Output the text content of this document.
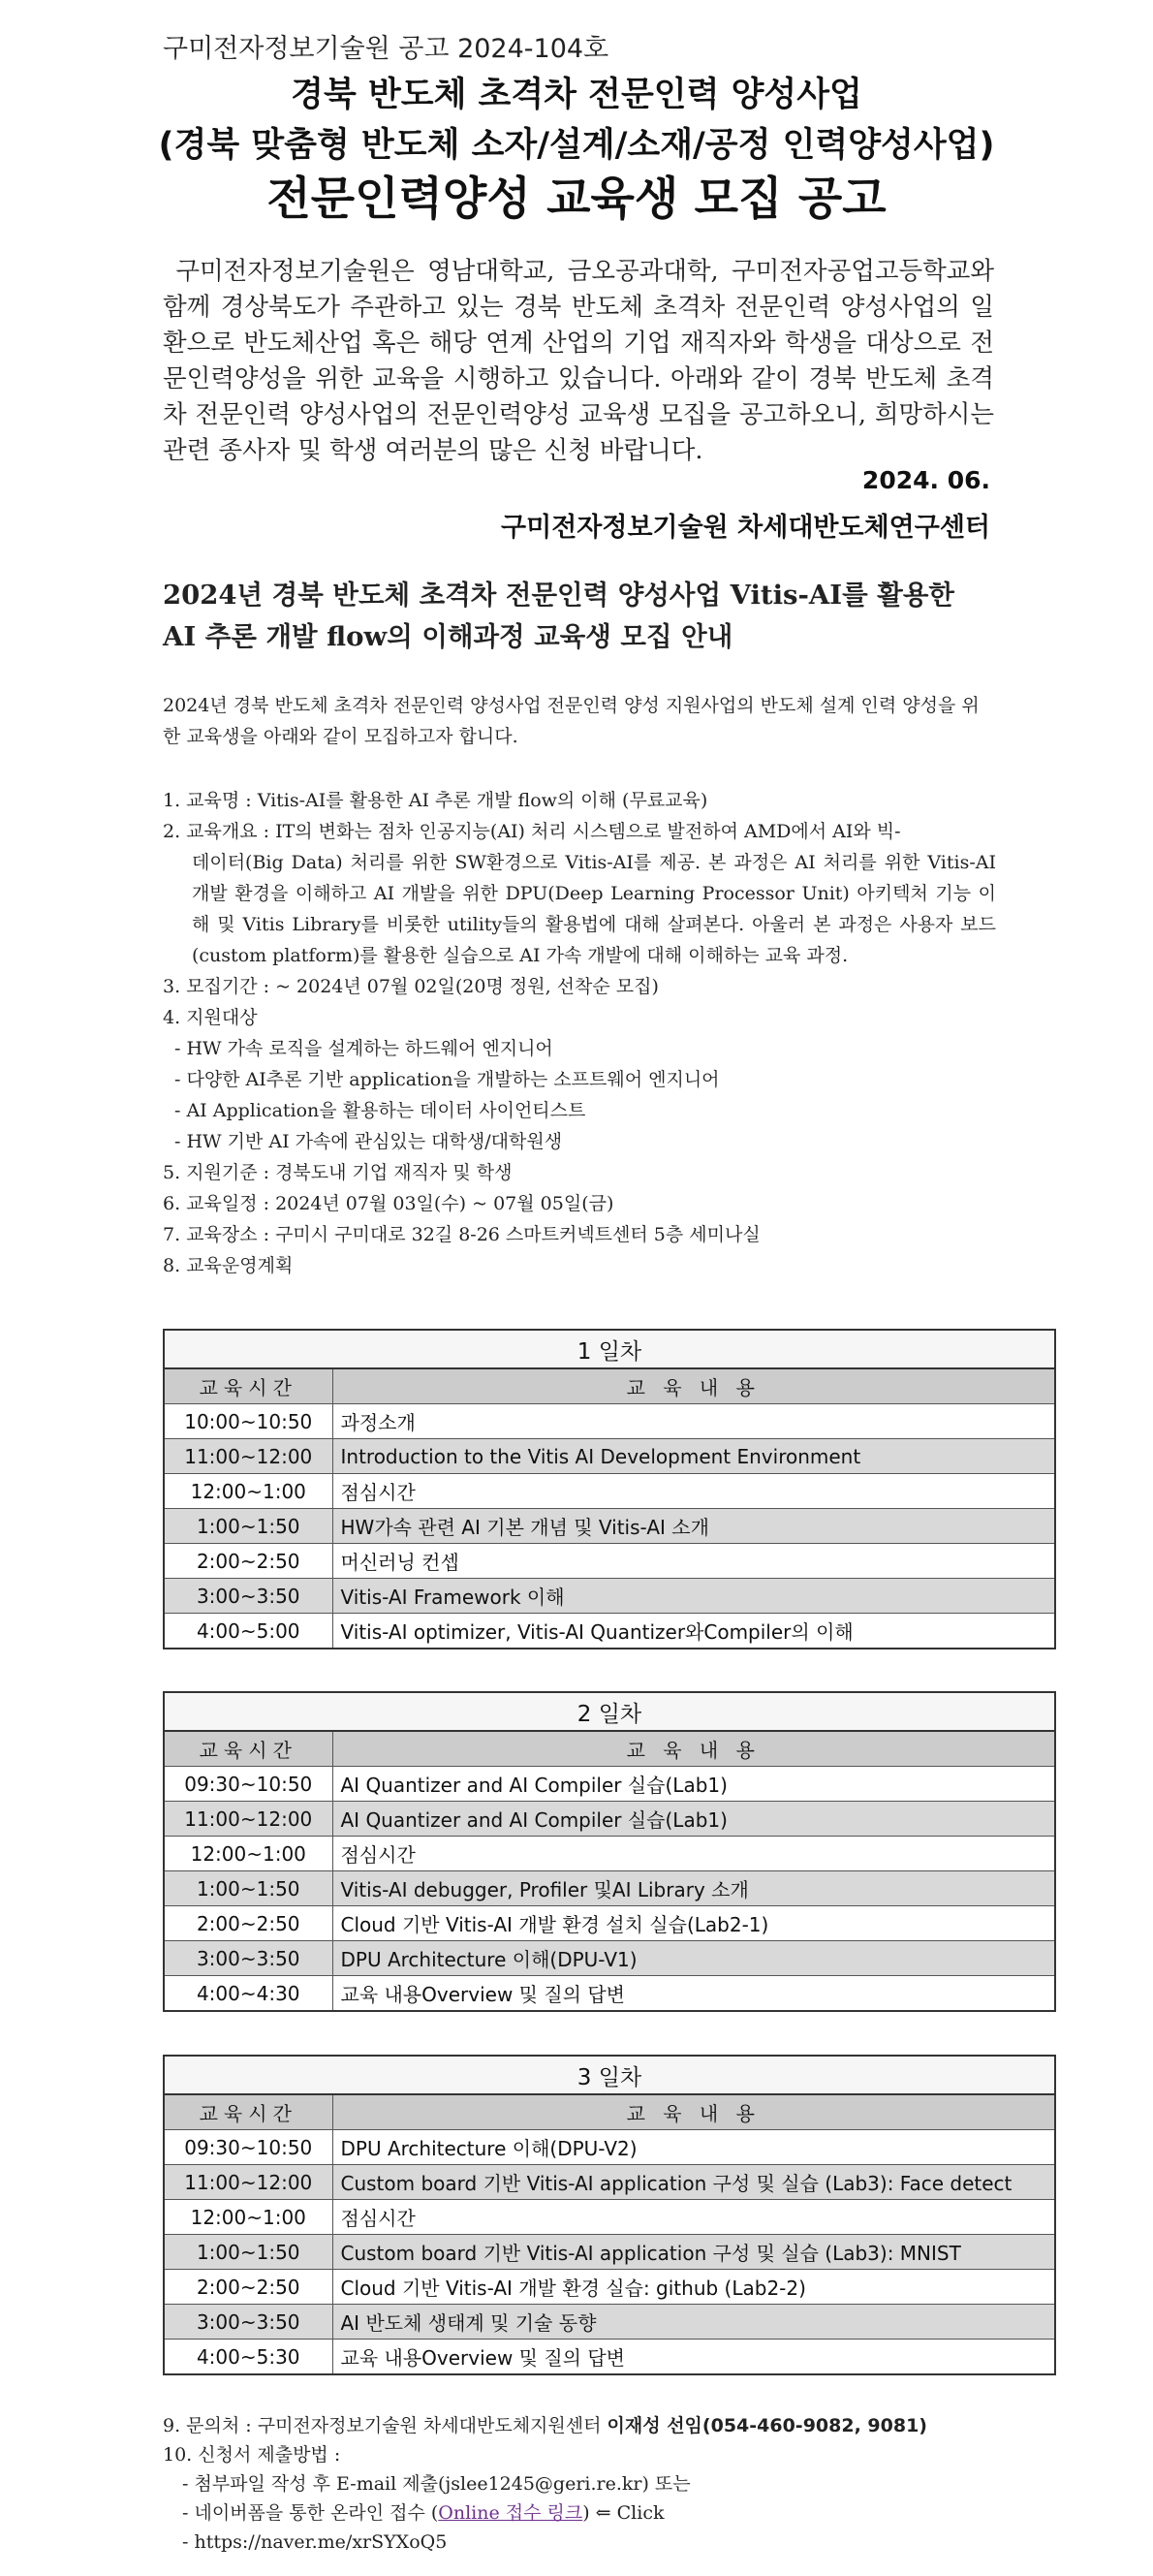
구미전자정보기술원 공고 2024-104호
경북 반도체 초격차 전문인력 양성사업
(경북 맞춤형 반도체 소자/설계/소재/공정 인력양성사업)
전문인력양성 교육생 모집 공고
구미전자정보기술원은 영남대학교, 금오공과대학, 구미전자공업고등학교와 함께 경상북도가 주관하고 있는 경북 반도체 초격차 전문인력 양성사업의 일환으로 반도체산업 혹은 해당 연계 산업의 기업 재직자와 학생을 대상으로 전문인력양성을 위한 교육을 시행하고 있습니다. 아래와 같이 경북 반도체 초격차 전문인력 양성사업의 전문인력양성 교육생 모집을 공고하오니, 희망하시는 관련 종사자 및 학생 여러분의 많은 신청 바랍니다.
2024. 06.
구미전자정보기술원 차세대반도체연구센터
2024년 경북 반도체 초격차 전문인력 양성사업 Vitis-AI를 활용한 AI 추론 개발 flow의 이해과정 교육생 모집 안내
2024년 경북 반도체 초격차 전문인력 양성사업 전문인력 양성 지원사업의 반도체 설계 인력 양성을 위한 교육생을 아래와 같이 모집하고자 합니다.
1. 교육명 : Vitis-AI를 활용한 AI 추론 개발 flow의 이해 (무료교육)
2. 교육개요 : IT의 변화는 점차 인공지능(AI) 처리 시스템으로 발전하여 AMD에서 AI와 빅-
데이터(Big Data) 처리를 위한 SW환경으로 Vitis-AI를 제공. 본 과정은 AI 처리를 위한 Vitis-AI 개발 환경을 이해하고 AI 개발을 위한 DPU(Deep Learning Processor Unit) 아키텍처 기능 이해 및 Vitis Library를 비롯한 utility들의 활용법에 대해 살펴본다. 아울러 본 과정은 사용자 보드(custom platform)를 활용한 실습으로 AI 가속 개발에 대해 이해하는 교육 과정.
3. 모집기간 : ~ 2024년 07월 02일(20명 정원, 선착순 모집)
4. 지원대상
- HW 가속 로직을 설계하는 하드웨어 엔지니어
- 다양한 AI추론 기반 application을 개발하는 소프트웨어 엔지니어
- AI Application을 활용하는 데이터 사이언티스트
- HW 기반 AI 가속에 관심있는 대학생/대학원생
5. 지원기준 : 경북도내 기업 재직자 및 학생
6. 교육일정 : 2024년 07월 03일(수) ~ 07월 05일(금)
7. 교육장소 : 구미시 구미대로 32길 8-26 스마트커넥트센터 5층 세미나실
8. 교육운영계획
1 일차	
교육시간	교 육 내 용
10:00~10:50	과정소개
11:00~12:00	Introduction to the Vitis AI Development Environment
12:00~1:00	점심시간
1:00~1:50	HW가속 관련 AI 기본 개념 및 Vitis-AI 소개
2:00~2:50	머신러닝 컨셉
3:00~3:50	Vitis-AI Framework 이해
4:00~5:00	Vitis-AI optimizer, Vitis-AI Quantizer와Compiler의 이해
2 일차	
교육시간	교 육 내 용
09:30~10:50	AI Quantizer and AI Compiler 실습(Lab1)
11:00~12:00	AI Quantizer and AI Compiler 실습(Lab1)
12:00~1:00	점심시간
1:00~1:50	Vitis-AI debugger, Profiler 및AI Library 소개
2:00~2:50	Cloud 기반 Vitis-AI 개발 환경 설치 실습(Lab2-1)
3:00~3:50	DPU Architecture 이해(DPU-V1)
4:00~4:30	교육 내용Overview 및 질의 답변
3 일차	
교육시간	교 육 내 용
09:30~10:50	DPU Architecture 이해(DPU-V2)
11:00~12:00	Custom board 기반 Vitis-AI application 구성 및 실습 (Lab3): Face detect
12:00~1:00	점심시간
1:00~1:50	Custom board 기반 Vitis-AI application 구성 및 실습 (Lab3): MNIST
2:00~2:50	Cloud 기반 Vitis-AI 개발 환경 실습: github (Lab2-2)
3:00~3:50	AI 반도체 생태계 및 기술 동향
4:00~5:30	교육 내용Overview 및 질의 답변
9. 문의처 : 구미전자정보기술원 차세대반도체지원센터 이재성 선임(054-460-9082, 9081)
10. 신청서 제출방법 :
- 첨부파일 작성 후 E-mail 제출(jslee1245@geri.re.kr) 또는
- 네이버폼을 통한 온라인 접수 (Online 접수 링크) ⇐ Click
- https://naver.me/xrSYXoQ5
